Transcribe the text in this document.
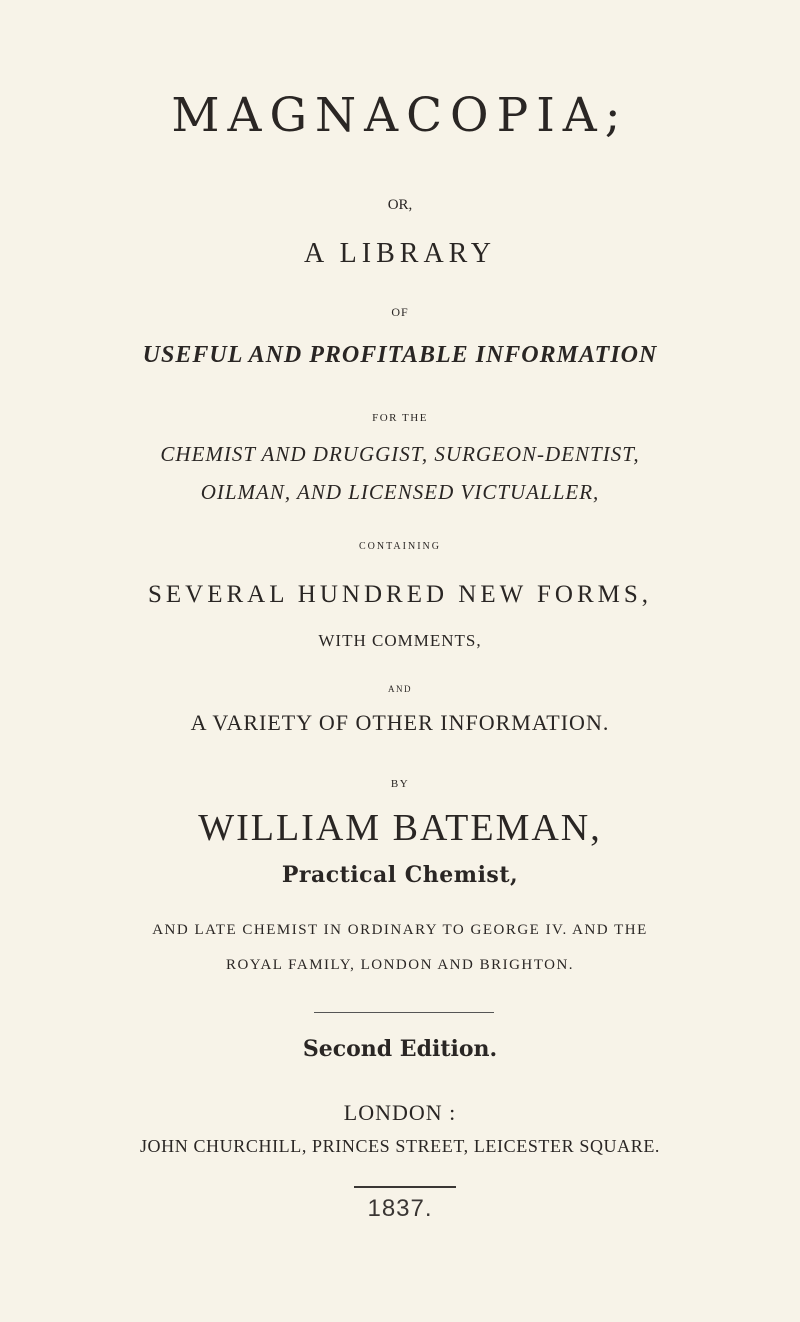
MAGNACOPIA;
OR,
A LIBRARY
OF
USEFUL AND PROFITABLE INFORMATION
FOR THE
CHEMIST AND DRUGGIST, SURGEON-DENTIST,
OILMAN, AND LICENSED VICTUALLER,
CONTAINING
SEVERAL HUNDRED NEW FORMS,
WITH COMMENTS,
AND
A VARIETY OF OTHER INFORMATION.
BY
WILLIAM BATEMAN,
Practical Chemist,
AND LATE CHEMIST IN ORDINARY TO GEORGE IV. AND THE
ROYAL FAMILY, LONDON AND BRIGHTON.
Second Edition.
LONDON :
JOHN CHURCHILL, PRINCES STREET, LEICESTER SQUARE.
1837.
